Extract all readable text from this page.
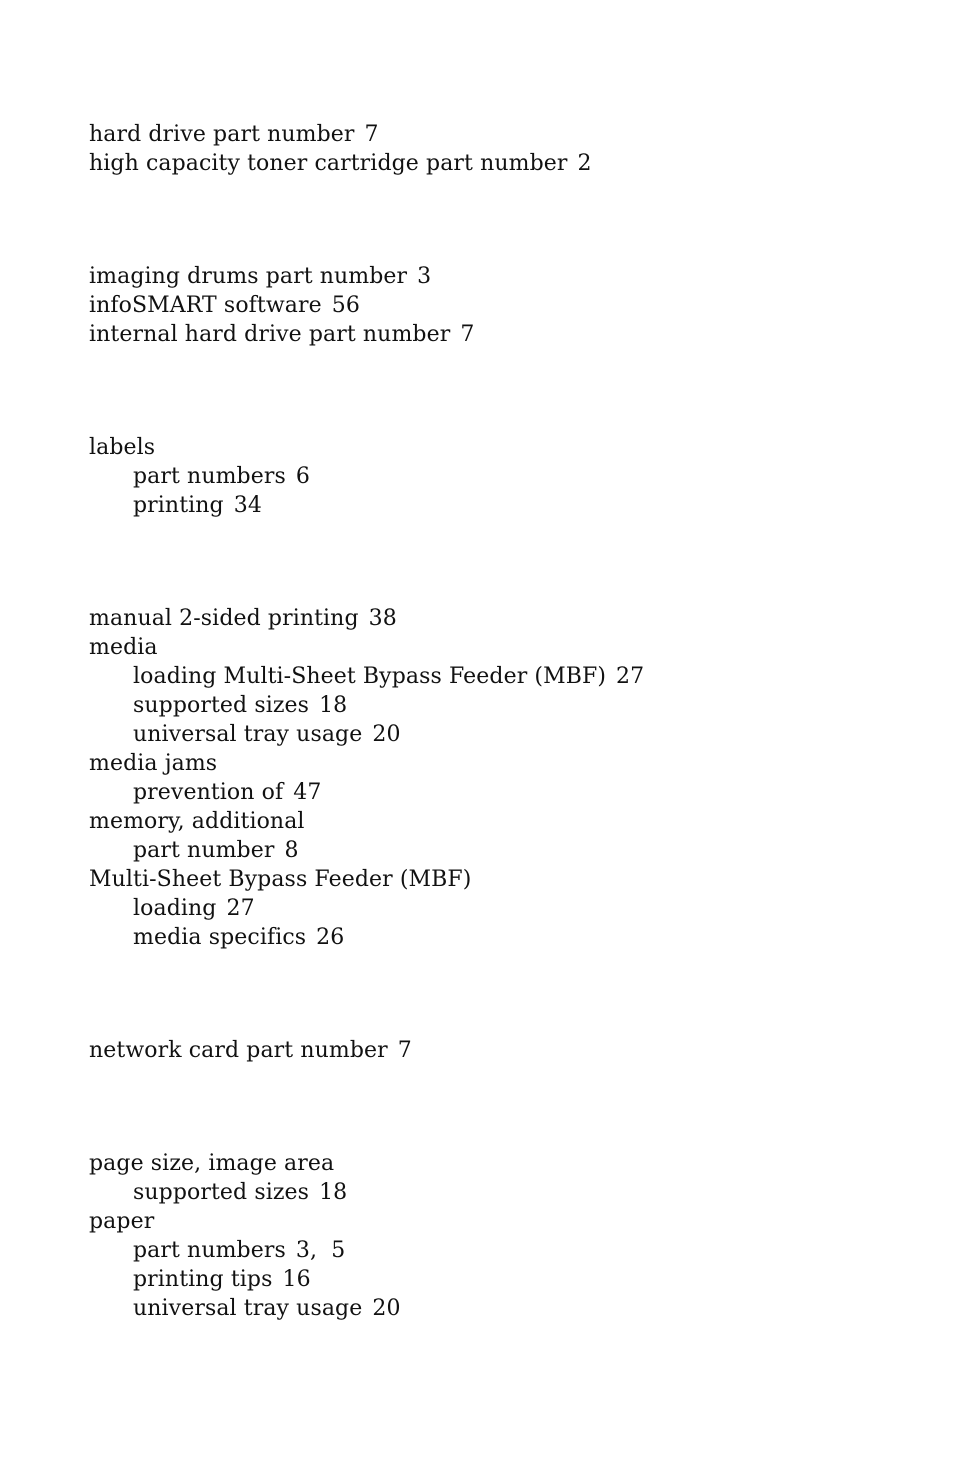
hard drive part number 7
high capacity toner cartridge part number 2
imaging drums part number 3
infoSMART software 56
internal hard drive part number 7
labels
part numbers 6
printing 34
manual 2-sided printing 38
media
loading Multi-Sheet Bypass Feeder (MBF) 27
supported sizes 18
universal tray usage 20
media jams
prevention of 47
memory, additional
part number 8
Multi-Sheet Bypass Feeder (MBF)
loading 27
media specifics 26
network card part number 7
page size, image area
supported sizes 18
paper
part numbers 3,  5
printing tips 16
universal tray usage 20
